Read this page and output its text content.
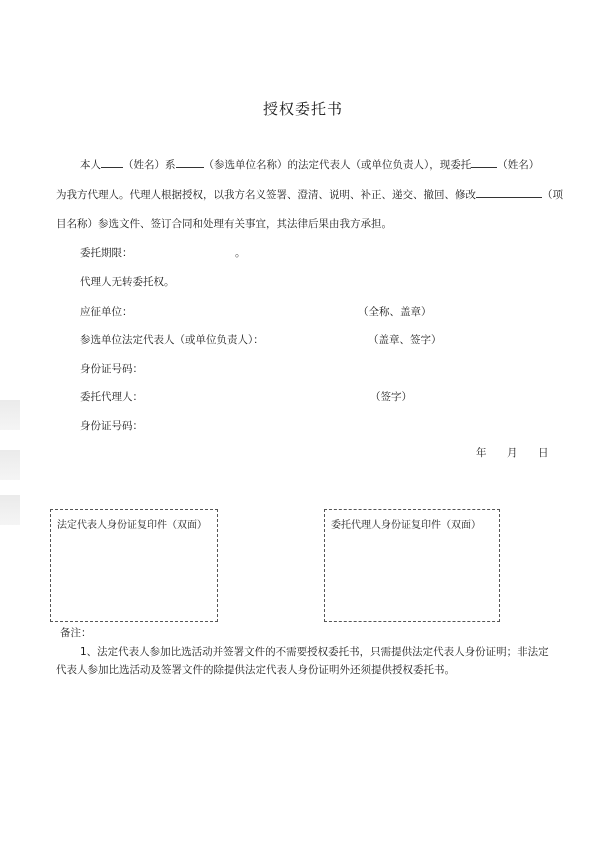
授权委托书
本人 （姓名）系	（参选单位名称）的法定代表人（或单位负责人），现委托 （姓名）
为我方代理人。代理人根据授权，以我方名义签署、澄清、说明、补正、递交、撤回、修改	（项
目名称）参选文件、签订合同和处理有关事宜，其法律后果由我方承担。
委托期限：	。
代理人无转委托权。
应征单位：	（全称、盖章）
参选单位法定代表人（或单位负责人）：	（盖章、签字）
身份证号码：
委托代理人：	（签字）
身份证号码：
年 月 日
法定代表人身份证复印件（双面）	委托代理人身份证复印件（双面）
备注：
1、法定代表人参加比选活动并签署文件的不需要授权委托书，只需提供法定代表人身份证明；非法定
代表人参加比选活动及签署文件的除提供法定代表人身份证明外还须提供授权委托书。
